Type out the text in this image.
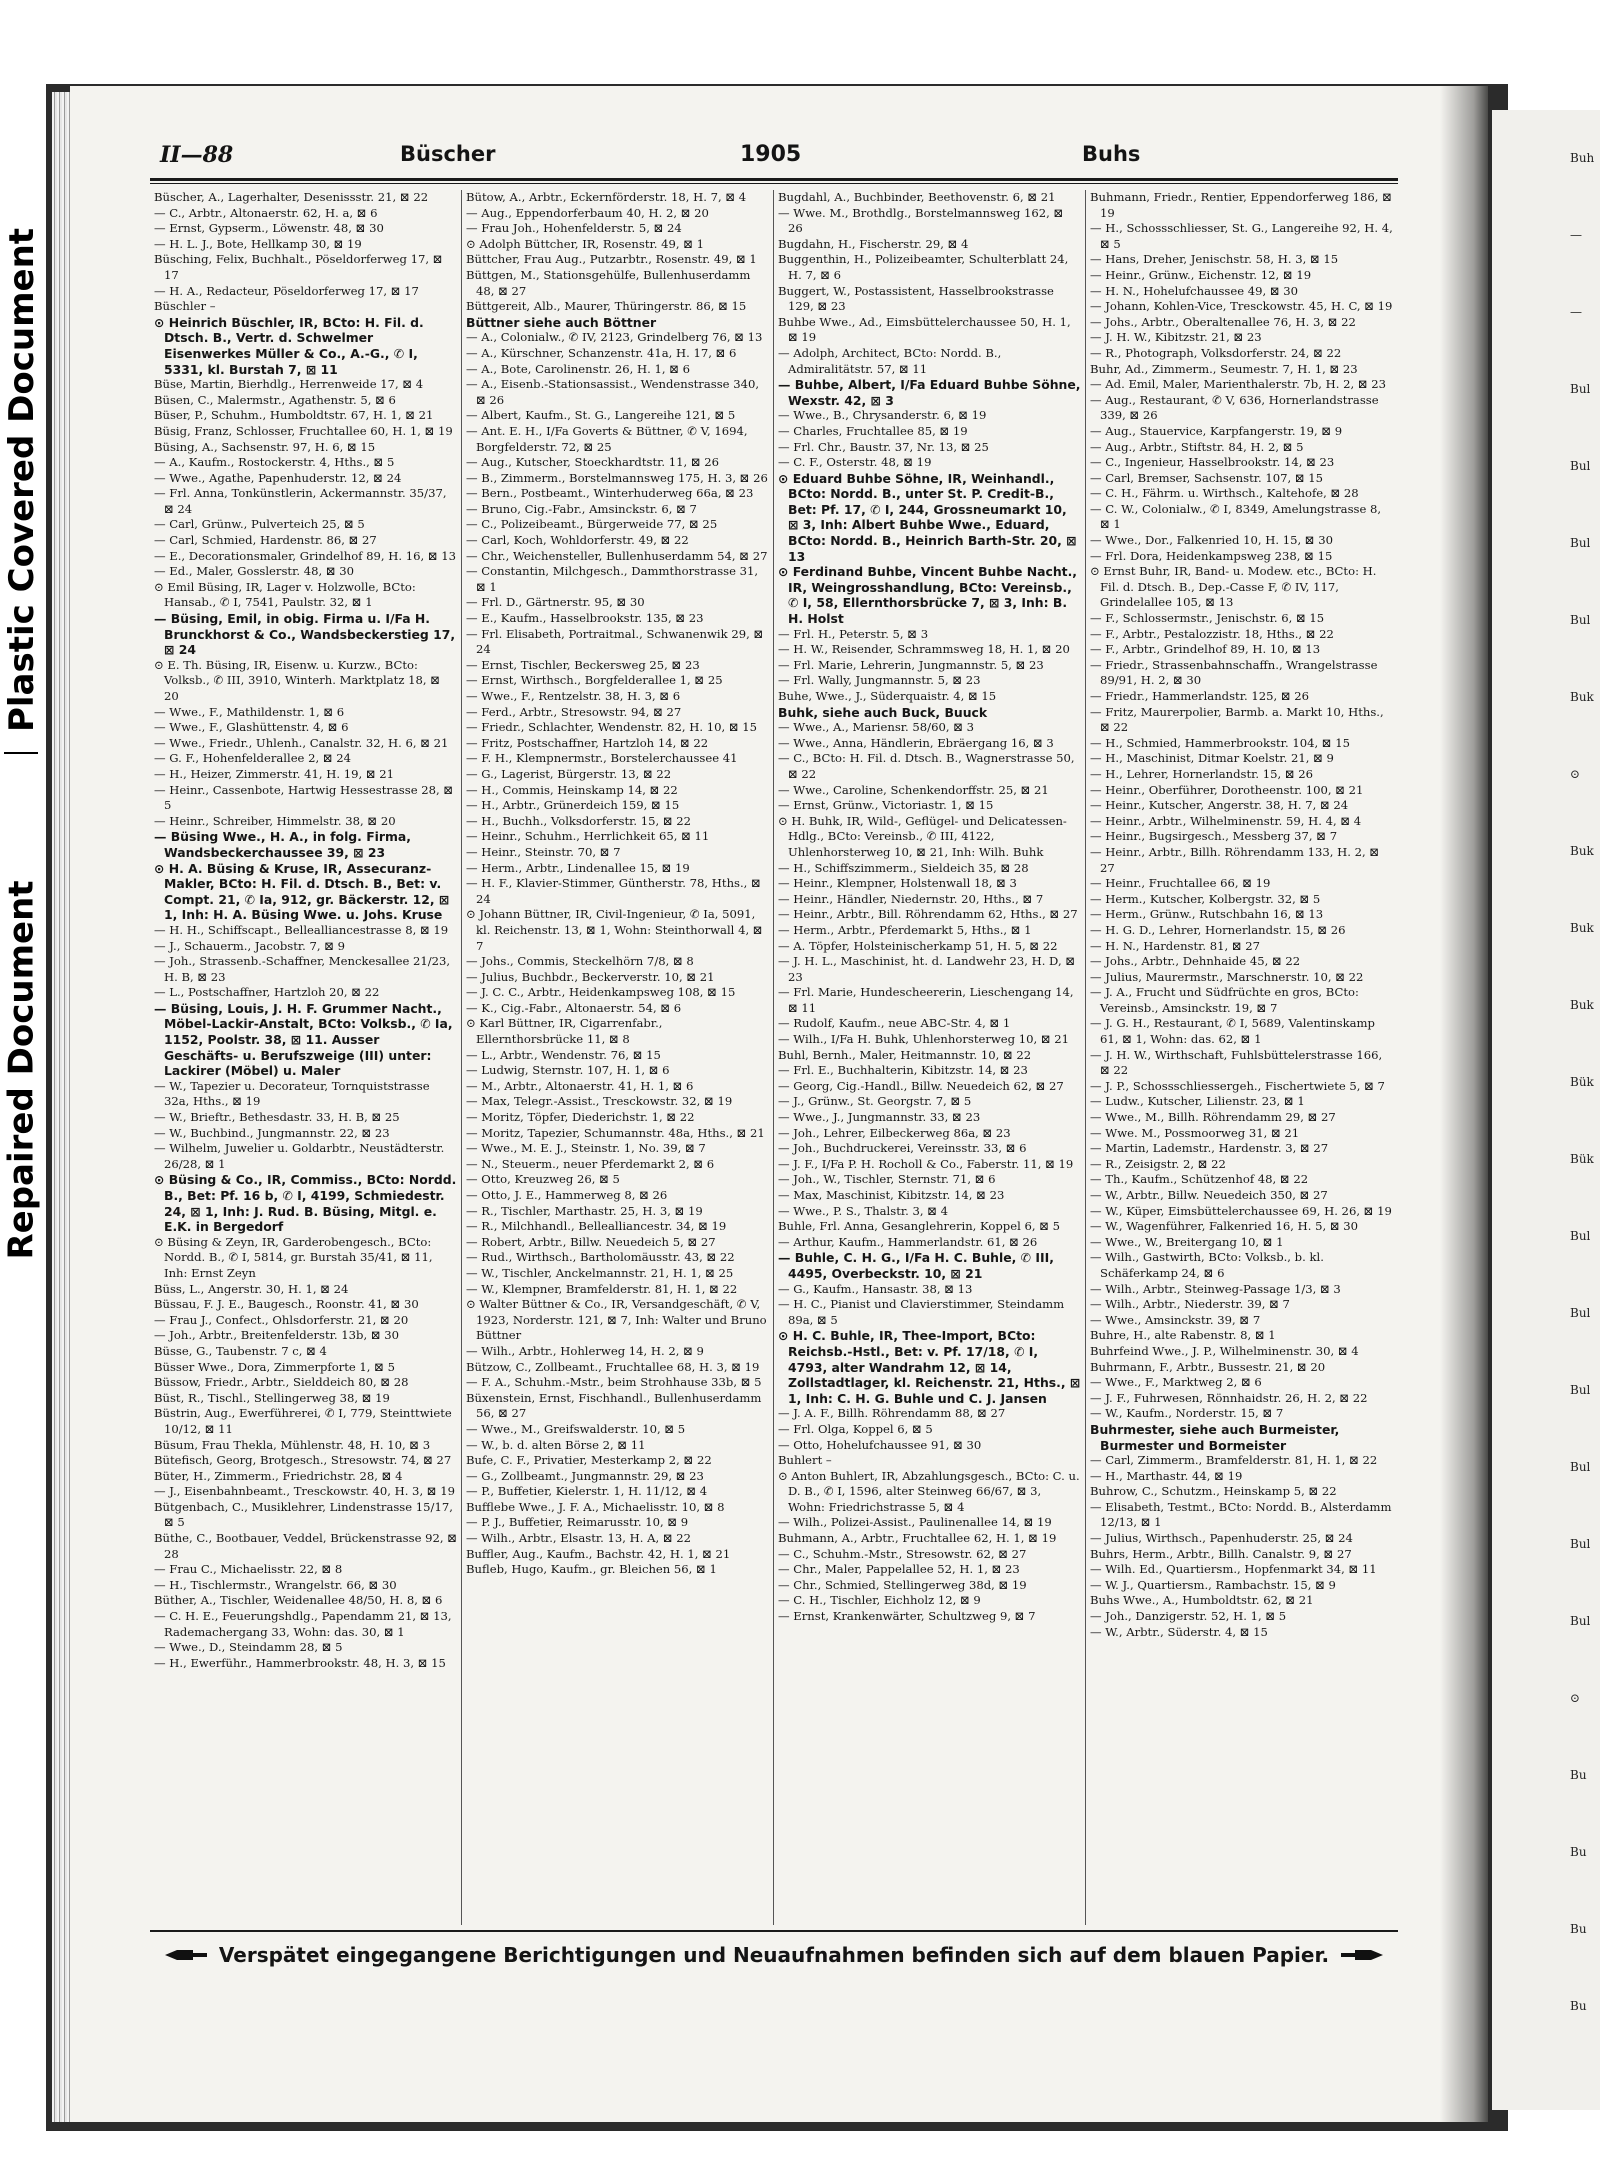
Plastic Covered Document
Repaired Document
Buh
—
—
Bul
Bul
Bul
Bul
Buk
⊙
Buk
Buk
Buk
Bük
Bük
Bul
Bul
Bul
Bul
Bul
Bul
⊙
Bu
Bu
Bu
Bu
II—88	Büscher	1905	Buhs

Büscher, A., Lagerhalter, Desenissstr. 21, ⊠ 22

— C., Arbtr., Altonaerstr. 62, H. a, ⊠ 6

— Ernst, Gypserm., Löwenstr. 48, ⊠ 30

— H. L. J., Bote, Hellkamp 30, ⊠ 19

Büsching, Felix, Buchhalt., Pöseldorferweg 17, ⊠ 17

— H. A., Redacteur, Pöseldorferweg 17, ⊠ 17

Büschler –

⊙ Heinrich Büschler, IR, BCto: H. Fil. d. Dtsch. B., Vertr. d. Schwelmer Eisenwerkes Müller & Co., A.-G., ✆ I, 5331, kl. Burstah 7, ⊠ 11

Büse, Martin, Bierhdlg., Herrenweide 17, ⊠ 4

Büsen, C., Malermstr., Agathenstr. 5, ⊠ 6

Büser, P., Schuhm., Humboldtstr. 67, H. 1, ⊠ 21

Büsig, Franz, Schlosser, Fruchtallee 60, H. 1, ⊠ 19

Büsing, A., Sachsenstr. 97, H. 6, ⊠ 15

— A., Kaufm., Rostockerstr. 4, Hths., ⊠ 5

— Wwe., Agathe, Papenhuderstr. 12, ⊠ 24

— Frl. Anna, Tonkünstlerin, Ackermannstr. 35/37, ⊠ 24

— Carl, Grünw., Pulverteich 25, ⊠ 5

— Carl, Schmied, Hardenstr. 86, ⊠ 27

— E., Decorationsmaler, Grindelhof 89, H. 16, ⊠ 13

— Ed., Maler, Gosslerstr. 48, ⊠ 30

⊙ Emil Büsing, IR, Lager v. Holzwolle, BCto: Hansab., ✆ I, 7541, Paulstr. 32, ⊠ 1

— Büsing, Emil, in obig. Firma u. I/Fa H. Brunckhorst & Co., Wandsbeckerstieg 17, ⊠ 24

⊙ E. Th. Büsing, IR, Eisenw. u. Kurzw., BCto: Volksb., ✆ III, 3910, Winterh. Marktplatz 18, ⊠ 20

— Wwe., F., Mathildenstr. 1, ⊠ 6

— Wwe., F., Glashüttenstr. 4, ⊠ 6

— Wwe., Friedr., Uhlenh., Canalstr. 32, H. 6, ⊠ 21

— G. F., Hohenfelderallee 2, ⊠ 24

— H., Heizer, Zimmerstr. 41, H. 19, ⊠ 21

— Heinr., Cassenbote, Hartwig Hessestrasse 28, ⊠ 5

— Heinr., Schreiber, Himmelstr. 38, ⊠ 20

— Büsing Wwe., H. A., in folg. Firma, Wandsbeckerchaussee 39, ⊠ 23

⊙ H. A. Büsing & Kruse, IR, Assecuranz-Makler, BCto: H. Fil. d. Dtsch. B., Bet: v. Compt. 21, ✆ Ia, 912, gr. Bäckerstr. 12, ⊠ 1, Inh: H. A. Büsing Wwe. u. Johs. Kruse

— H. H., Schiffscapt., Bellealliancestrasse 8, ⊠ 19

— J., Schauerm., Jacobstr. 7, ⊠ 9

— Joh., Strassenb.-Schaffner, Menckesallee 21/23, H. B, ⊠ 23

— L., Postschaffner, Hartzloh 20, ⊠ 22

— Büsing, Louis, J. H. F. Grummer Nacht., Möbel-Lackir-Anstalt, BCto: Volksb., ✆ Ia, 1152, Poolstr. 38, ⊠ 11. Ausser Geschäfts- u. Berufszweige (III) unter: Lackirer (Möbel) u. Maler

— W., Tapezier u. Decorateur, Tornquiststrasse 32a, Hths., ⊠ 19

— W., Brieftr., Bethesdastr. 33, H. B, ⊠ 25

— W., Buchbind., Jungmannstr. 22, ⊠ 23

— Wilhelm, Juwelier u. Goldarbtr., Neustädterstr. 26/28, ⊠ 1

⊙ Büsing & Co., IR, Commiss., BCto: Nordd. B., Bet: Pf. 16 b, ✆ I, 4199, Schmiedestr. 24, ⊠ 1, Inh: J. Rud. B. Büsing, Mitgl. e. E.K. in Bergedorf

⊙ Büsing & Zeyn, IR, Garderobengesch., BCto: Nordd. B., ✆ I, 5814, gr. Burstah 35/41, ⊠ 11, Inh: Ernst Zeyn

Büss, L., Angerstr. 30, H. 1, ⊠ 24

Büssau, F. J. E., Baugesch., Roonstr. 41, ⊠ 30

— Frau J., Confect., Ohlsdorferstr. 21, ⊠ 20

— Joh., Arbtr., Breitenfelderstr. 13b, ⊠ 30

Büsse, G., Taubenstr. 7 c, ⊠ 4

Büsser Wwe., Dora, Zimmerpforte 1, ⊠ 5

Büssow, Friedr., Arbtr., Sielddeich 80, ⊠ 28

Büst, R., Tischl., Stellingerweg 38, ⊠ 19

Büstrin, Aug., Ewerführerei, ✆ I, 779, Steinttwiete 10/12, ⊠ 11

Büsum, Frau Thekla, Mühlenstr. 48, H. 10, ⊠ 3

Bütefisch, Georg, Brotgesch., Stresowstr. 74, ⊠ 27

Büter, H., Zimmerm., Friedrichstr. 28, ⊠ 4

— J., Eisenbahnbeamt., Tresckowstr. 40, H. 3, ⊠ 19

Bütgenbach, C., Musiklehrer, Lindenstrasse 15/17, ⊠ 5

Büthe, C., Bootbauer, Veddel, Brückenstrasse 92, ⊠ 28

— Frau C., Michaelisstr. 22, ⊠ 8

— H., Tischlermstr., Wrangelstr. 66, ⊠ 30

Büther, A., Tischler, Weidenallee 48/50, H. 8, ⊠ 6

— C. H. E., Feuerungshdlg., Papendamm 21, ⊠ 13, Rademachergang 33, Wohn: das. 30, ⊠ 1

— Wwe., D., Steindamm 28, ⊠ 5

— H., Ewerführ., Hammerbrookstr. 48, H. 3, ⊠ 15

Bütow, A., Arbtr., Eckernförderstr. 18, H. 7, ⊠ 4

— Aug., Eppendorferbaum 40, H. 2, ⊠ 20

— Frau Joh., Hohenfelderstr. 5, ⊠ 24

⊙ Adolph Büttcher, IR, Rosenstr. 49, ⊠ 1

Büttcher, Frau Aug., Putzarbtr., Rosenstr. 49, ⊠ 1

Büttgen, M., Stationsgehülfe, Bullenhuserdamm 48, ⊠ 27

Büttgereit, Alb., Maurer, Thüringerstr. 86, ⊠ 15

Büttner siehe auch Böttner

— A., Colonialw., ✆ IV, 2123, Grindelberg 76, ⊠ 13

— A., Kürschner, Schanzenstr. 41a, H. 17, ⊠ 6

— A., Bote, Carolinenstr. 26, H. 1, ⊠ 6

— A., Eisenb.-Stationsassist., Wendenstrasse 340, ⊠ 26

— Albert, Kaufm., St. G., Langereihe 121, ⊠ 5

— Ant. E. H., I/Fa Goverts & Büttner, ✆ V, 1694, Borgfelderstr. 72, ⊠ 25

— Aug., Kutscher, Stoeckhardtstr. 11, ⊠ 26

— B., Zimmerm., Borstelmannsweg 175, H. 3, ⊠ 26

— Bern., Postbeamt., Winterhuderweg 66a, ⊠ 23

— Bruno, Cig.-Fabr., Amsinckstr. 6, ⊠ 7

— C., Polizeibeamt., Bürgerweide 77, ⊠ 25

— Carl, Koch, Wohldorferstr. 49, ⊠ 22

— Chr., Weichensteller, Bullenhuserdamm 54, ⊠ 27

— Constantin, Milchgesch., Dammthorstrasse 31, ⊠ 1

— Frl. D., Gärtnerstr. 95, ⊠ 30

— E., Kaufm., Hasselbrookstr. 135, ⊠ 23

— Frl. Elisabeth, Portraitmal., Schwanenwik 29, ⊠ 24

— Ernst, Tischler, Beckersweg 25, ⊠ 23

— Ernst, Wirthsch., Borgfelderallee 1, ⊠ 25

— Wwe., F., Rentzelstr. 38, H. 3, ⊠ 6

— Ferd., Arbtr., Stresowstr. 94, ⊠ 27

— Friedr., Schlachter, Wendenstr. 82, H. 10, ⊠ 15

— Fritz, Postschaffner, Hartzloh 14, ⊠ 22

— F. H., Klempnermstr., Borstelerchaussee 41

— G., Lagerist, Bürgerstr. 13, ⊠ 22

— H., Commis, Heinskamp 14, ⊠ 22

— H., Arbtr., Grünerdeich 159, ⊠ 15

— H., Buchh., Volksdorferstr. 15, ⊠ 22

— Heinr., Schuhm., Herrlichkeit 65, ⊠ 11

— Heinr., Steinstr. 70, ⊠ 7

— Herm., Arbtr., Lindenallee 15, ⊠ 19

— H. F., Klavier-Stimmer, Güntherstr. 78, Hths., ⊠ 24

⊙ Johann Büttner, IR, Civil-Ingenieur, ✆ Ia, 5091, kl. Reichenstr. 13, ⊠ 1, Wohn: Steinthorwall 4, ⊠ 7

— Johs., Commis, Steckelhörn 7/8, ⊠ 8

— Julius, Buchbdr., Beckerverstr. 10, ⊠ 21

— J. C. C., Arbtr., Heidenkampsweg 108, ⊠ 15

— K., Cig.-Fabr., Altonaerstr. 54, ⊠ 6

⊙ Karl Büttner, IR, Cigarrenfabr., Ellernthorsbrücke 11, ⊠ 8

— L., Arbtr., Wendenstr. 76, ⊠ 15

— Ludwig, Sternstr. 107, H. 1, ⊠ 6

— M., Arbtr., Altonaerstr. 41, H. 1, ⊠ 6

— Max, Telegr.-Assist., Tresckowstr. 32, ⊠ 19

— Moritz, Töpfer, Diederichstr. 1, ⊠ 22

— Moritz, Tapezier, Schumannstr. 48a, Hths., ⊠ 21

— Wwe., M. E. J., Steinstr. 1, No. 39, ⊠ 7

— N., Steuerm., neuer Pferdemarkt 2, ⊠ 6

— Otto, Kreuzweg 26, ⊠ 5

— Otto, J. E., Hammerweg 8, ⊠ 26

— R., Tischler, Marthastr. 25, H. 3, ⊠ 19

— R., Milchhandl., Bellealliancestr. 34, ⊠ 19

— Robert, Arbtr., Billw. Neuedeich 5, ⊠ 27

— Rud., Wirthsch., Bartholomäusstr. 43, ⊠ 22

— W., Tischler, Anckelmannstr. 21, H. 1, ⊠ 25

— W., Klempner, Bramfelderstr. 81, H. 1, ⊠ 22

⊙ Walter Büttner & Co., IR, Versandgeschäft, ✆ V, 1923, Norderstr. 121, ⊠ 7, Inh: Walter und Bruno Büttner

— Wilh., Arbtr., Hohlerweg 14, H. 2, ⊠ 9

Bützow, C., Zollbeamt., Fruchtallee 68, H. 3, ⊠ 19

— F. A., Schuhm.-Mstr., beim Strohhause 33b, ⊠ 5

Büxenstein, Ernst, Fischhandl., Bullenhuserdamm 56, ⊠ 27

— Wwe., M., Greifswalderstr. 10, ⊠ 5

— W., b. d. alten Börse 2, ⊠ 11

Bufe, C. F., Privatier, Mesterkamp 2, ⊠ 22

— G., Zollbeamt., Jungmannstr. 29, ⊠ 23

— P., Buffetier, Kielerstr. 1, H. 11/12, ⊠ 4

Bufflebe Wwe., J. F. A., Michaelisstr. 10, ⊠ 8

— P. J., Buffetier, Reimarusstr. 10, ⊠ 9

— Wilh., Arbtr., Elsastr. 13, H. A, ⊠ 22

Buffler, Aug., Kaufm., Bachstr. 42, H. 1, ⊠ 21

Bufleb, Hugo, Kaufm., gr. Bleichen 56, ⊠ 1

Bugdahl, A., Buchbinder, Beethovenstr. 6, ⊠ 21

— Wwe. M., Brothdlg., Borstelmannsweg 162, ⊠ 26

Bugdahn, H., Fischerstr. 29, ⊠ 4

Buggenthin, H., Polizeibeamter, Schulterblatt 24, H. 7, ⊠ 6

Buggert, W., Postassistent, Hasselbrookstrasse 129, ⊠ 23

Buhbe Wwe., Ad., Eimsbüttelerchaussee 50, H. 1, ⊠ 19

— Adolph, Architect, BCto: Nordd. B., Admiralitätstr. 57, ⊠ 11

— Buhbe, Albert, I/Fa Eduard Buhbe Söhne, Wexstr. 42, ⊠ 3

— Wwe., B., Chrysanderstr. 6, ⊠ 19

— Charles, Fruchtallee 85, ⊠ 19

— Frl. Chr., Baustr. 37, Nr. 13, ⊠ 25

— C. F., Osterstr. 48, ⊠ 19

⊙ Eduard Buhbe Söhne, IR, Weinhandl., BCto: Nordd. B., unter St. P. Credit-B., Bet: Pf. 17, ✆ I, 244, Grossneumarkt 10, ⊠ 3, Inh: Albert Buhbe Wwe., Eduard, BCto: Nordd. B., Heinrich Barth-Str. 20, ⊠ 13

⊙ Ferdinand Buhbe, Vincent Buhbe Nacht., IR, Weingrosshandlung, BCto: Vereinsb., ✆ I, 58, Ellernthorsbrücke 7, ⊠ 3, Inh: B. H. Holst

— Frl. H., Peterstr. 5, ⊠ 3

— H. W., Reisender, Schrammsweg 18, H. 1, ⊠ 20

— Frl. Marie, Lehrerin, Jungmannstr. 5, ⊠ 23

— Frl. Wally, Jungmannstr. 5, ⊠ 23

Buhe, Wwe., J., Süderquaistr. 4, ⊠ 15

Buhk, siehe auch Buck, Buuck

— Wwe., A., Mariensr. 58/60, ⊠ 3

— Wwe., Anna, Händlerin, Ebräergang 16, ⊠ 3

— C., BCto: H. Fil. d. Dtsch. B., Wagnerstrasse 50, ⊠ 22

— Wwe., Caroline, Schenkendorffstr. 25, ⊠ 21

— Ernst, Grünw., Victoriastr. 1, ⊠ 15

⊙ H. Buhk, IR, Wild-, Geflügel- und Delicatessen-Hdlg., BCto: Vereinsb., ✆ III, 4122, Uhlenhorsterweg 10, ⊠ 21, Inh: Wilh. Buhk

— H., Schiffszimmerm., Sieldeich 35, ⊠ 28

— Heinr., Klempner, Holstenwall 18, ⊠ 3

— Heinr., Händler, Niedernstr. 20, Hths., ⊠ 7

— Heinr., Arbtr., Bill. Röhrendamm 62, Hths., ⊠ 27

— Herm., Arbtr., Pferdemarkt 5, Hths., ⊠ 1

— A. Töpfer, Holsteinischerkamp 51, H. 5, ⊠ 22

— J. H. L., Maschinist, ht. d. Landwehr 23, H. D, ⊠ 23

— Frl. Marie, Hundescheererin, Lieschengang 14, ⊠ 11

— Rudolf, Kaufm., neue ABC-Str. 4, ⊠ 1

— Wilh., I/Fa H. Buhk, Uhlenhorsterweg 10, ⊠ 21

Buhl, Bernh., Maler, Heitmannstr. 10, ⊠ 22

— Frl. E., Buchhalterin, Kibitzstr. 14, ⊠ 23

— Georg, Cig.-Handl., Billw. Neuedeich 62, ⊠ 27

— J., Grünw., St. Georgstr. 7, ⊠ 5

— Wwe., J., Jungmannstr. 33, ⊠ 23

— Joh., Lehrer, Eilbeckerweg 86a, ⊠ 23

— Joh., Buchdruckerei, Vereinsstr. 33, ⊠ 6

— J. F., I/Fa P. H. Rocholl & Co., Faberstr. 11, ⊠ 19

— Joh., W., Tischler, Sternstr. 71, ⊠ 6

— Max, Maschinist, Kibitzstr. 14, ⊠ 23

— Wwe., P. S., Thalstr. 3, ⊠ 4

Buhle, Frl. Anna, Gesanglehrerin, Koppel 6, ⊠ 5

— Arthur, Kaufm., Hammerlandstr. 61, ⊠ 26

— Buhle, C. H. G., I/Fa H. C. Buhle, ✆ III, 4495, Overbeckstr. 10, ⊠ 21

— G., Kaufm., Hansastr. 38, ⊠ 13

— H. C., Pianist und Clavierstimmer, Steindamm 89a, ⊠ 5

⊙ H. C. Buhle, IR, Thee-Import, BCto: Reichsb.-Hstl., Bet: v. Pf. 17/18, ✆ I, 4793, alter Wandrahm 12, ⊠ 14, Zollstadtlager, kl. Reichenstr. 21, Hths., ⊠ 1, Inh: C. H. G. Buhle und C. J. Jansen

— J. A. F., Billh. Röhrendamm 88, ⊠ 27

— Frl. Olga, Koppel 6, ⊠ 5

— Otto, Hohelufchaussee 91, ⊠ 30

Buhlert –

⊙ Anton Buhlert, IR, Abzahlungsgesch., BCto: C. u. D. B., ✆ I, 1596, alter Steinweg 66/67, ⊠ 3, Wohn: Friedrichstrasse 5, ⊠ 4

— Wilh., Polizei-Assist., Paulinenallee 14, ⊠ 19

Buhmann, A., Arbtr., Fruchtallee 62, H. 1, ⊠ 19

— C., Schuhm.-Mstr., Stresowstr. 62, ⊠ 27

— Chr., Maler, Pappelallee 52, H. 1, ⊠ 23

— Chr., Schmied, Stellingerweg 38d, ⊠ 19

— C. H., Tischler, Eichholz 12, ⊠ 9

— Ernst, Krankenwärter, Schultzweg 9, ⊠ 7

Buhmann, Friedr., Rentier, Eppendorferweg 186, ⊠ 19

— H., Schossschliesser, St. G., Langereihe 92, H. 4, ⊠ 5

— Hans, Dreher, Jenischstr. 58, H. 3, ⊠ 15

— Heinr., Grünw., Eichenstr. 12, ⊠ 19

— H. N., Hohelufchaussee 49, ⊠ 30

— Johann, Kohlen-Vice, Tresckowstr. 45, H. C, ⊠ 19

— Johs., Arbtr., Oberaltenallee 76, H. 3, ⊠ 22

— J. H. W., Kibitzstr. 21, ⊠ 23

— R., Photograph, Volksdorferstr. 24, ⊠ 22

Buhr, Ad., Zimmerm., Seumestr. 7, H. 1, ⊠ 23

— Ad. Emil, Maler, Marienthalerstr. 7b, H. 2, ⊠ 23

— Aug., Restaurant, ✆ V, 636, Hornerlandstrasse 339, ⊠ 26

— Aug., Stauervice, Karpfangerstr. 19, ⊠ 9

— Aug., Arbtr., Stiftstr. 84, H. 2, ⊠ 5

— C., Ingenieur, Hasselbrookstr. 14, ⊠ 23

— Carl, Bremser, Sachsenstr. 107, ⊠ 15

— C. H., Fährm. u. Wirthsch., Kaltehofe, ⊠ 28

— C. W., Colonialw., ✆ I, 8349, Amelungstrasse 8, ⊠ 1

— Wwe., Dor., Falkenried 10, H. 15, ⊠ 30

— Frl. Dora, Heidenkampsweg 238, ⊠ 15

⊙ Ernst Buhr, IR, Band- u. Modew. etc., BCto: H. Fil. d. Dtsch. B., Dep.-Casse F, ✆ IV, 117, Grindelallee 105, ⊠ 13

— F., Schlossermstr., Jenischstr. 6, ⊠ 15

— F., Arbtr., Pestalozzistr. 18, Hths., ⊠ 22

— F., Arbtr., Grindelhof 89, H. 10, ⊠ 13

— Friedr., Strassenbahnschaffn., Wrangelstrasse 89/91, H. 2, ⊠ 30

— Friedr., Hammerlandstr. 125, ⊠ 26

— Fritz, Maurerpolier, Barmb. a. Markt 10, Hths., ⊠ 22

— H., Schmied, Hammerbrookstr. 104, ⊠ 15

— H., Maschinist, Ditmar Koelstr. 21, ⊠ 9

— H., Lehrer, Hornerlandstr. 15, ⊠ 26

— Heinr., Oberführer, Dorotheenstr. 100, ⊠ 21

— Heinr., Kutscher, Angerstr. 38, H. 7, ⊠ 24

— Heinr., Arbtr., Wilhelminenstr. 59, H. 4, ⊠ 4

— Heinr., Bugsirgesch., Messberg 37, ⊠ 7

— Heinr., Arbtr., Billh. Röhrendamm 133, H. 2, ⊠ 27

— Heinr., Fruchtallee 66, ⊠ 19

— Herm., Kutscher, Kolbergstr. 32, ⊠ 5

— Herm., Grünw., Rutschbahn 16, ⊠ 13

— H. G. D., Lehrer, Hornerlandstr. 15, ⊠ 26

— H. N., Hardenstr. 81, ⊠ 27

— Johs., Arbtr., Dehnhaide 45, ⊠ 22

— Julius, Maurermstr., Marschnerstr. 10, ⊠ 22

— J. A., Frucht und Südfrüchte en gros, BCto: Vereinsb., Amsinckstr. 19, ⊠ 7

— J. G. H., Restaurant, ✆ I, 5689, Valentinskamp 61, ⊠ 1, Wohn: das. 62, ⊠ 1

— J. H. W., Wirthschaft, Fuhlsbüttelerstrasse 166, ⊠ 22

— J. P., Schossschliessergeh., Fischertwiete 5, ⊠ 7

— Ludw., Kutscher, Lilienstr. 23, ⊠ 1

— Wwe., M., Billh. Röhrendamm 29, ⊠ 27

— Wwe. M., Possmoorweg 31, ⊠ 21

— Martin, Lademstr., Hardenstr. 3, ⊠ 27

— R., Zeisigstr. 2, ⊠ 22

— Th., Kaufm., Schützenhof 48, ⊠ 22

— W., Arbtr., Billw. Neuedeich 350, ⊠ 27

— W., Küper, Eimsbüttelerchaussee 69, H. 26, ⊠ 19

— W., Wagenführer, Falkenried 16, H. 5, ⊠ 30

— Wwe., W., Breitergang 10, ⊠ 1

— Wilh., Gastwirth, BCto: Volksb., b. kl. Schäferkamp 24, ⊠ 6

— Wilh., Arbtr., Steinweg-Passage 1/3, ⊠ 3

— Wilh., Arbtr., Niederstr. 39, ⊠ 7

— Wwe., Amsinckstr. 39, ⊠ 7

Buhre, H., alte Rabenstr. 8, ⊠ 1

Buhrfeind Wwe., J. P., Wilhelminenstr. 30, ⊠ 4

Buhrmann, F., Arbtr., Bussestr. 21, ⊠ 20

— Wwe., F., Marktweg 2, ⊠ 6

— J. F., Fuhrwesen, Rönnhaidstr. 26, H. 2, ⊠ 22

— W., Kaufm., Norderstr. 15, ⊠ 7

Buhrmester, siehe auch Burmeister, Burmester und Bormeister

— Carl, Zimmerm., Bramfelderstr. 81, H. 1, ⊠ 22

— H., Marthastr. 44, ⊠ 19

Buhrow, C., Schutzm., Heinskamp 5, ⊠ 22

— Elisabeth, Testmt., BCto: Nordd. B., Alsterdamm 12/13, ⊠ 1

— Julius, Wirthsch., Papenhuderstr. 25, ⊠ 24

Buhrs, Herm., Arbtr., Billh. Canalstr. 9, ⊠ 27

— Wilh. Ed., Quartiersm., Hopfenmarkt 34, ⊠ 11

— W. J., Quartiersm., Rambachstr. 15, ⊠ 9

Buhs Wwe., A., Humboldtstr. 62, ⊠ 21

— Joh., Danzigerstr. 52, H. 1, ⊠ 5

— W., Arbtr., Süderstr. 4, ⊠ 15

Verspätet eingegangene Berichtigungen und Neuaufnahmen befinden sich auf dem blauen Papier.
